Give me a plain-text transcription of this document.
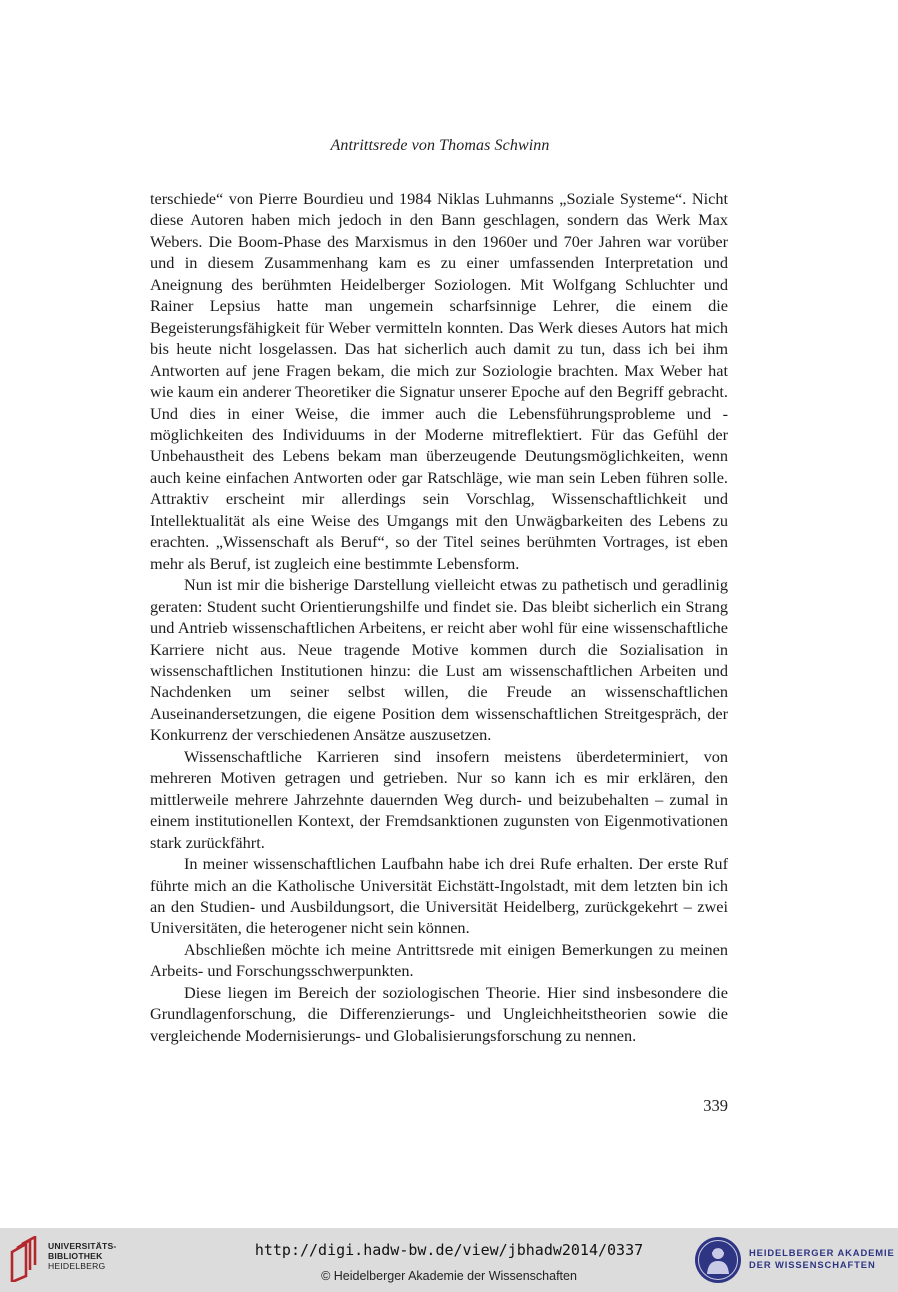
Antrittsrede von Thomas Schwinn

terschiede“ von Pierre Bourdieu und 1984 Niklas Luhmanns „Soziale Systeme“. Nicht diese Autoren haben mich jedoch in den Bann geschlagen, sondern das Werk Max Webers. Die Boom-Phase des Marxismus in den 1960er und 70er Jahren war vorüber und in diesem Zusammenhang kam es zu einer umfassenden Interpretation und Aneignung des berühmten Heidelberger Soziologen. Mit Wolfgang Schluchter und Rainer Lepsius hatte man ungemein scharfsinnige Lehrer, die einem die Begeisterungsfähigkeit für Weber vermitteln konnten. Das Werk dieses Autors hat mich bis heute nicht losgelassen. Das hat sicherlich auch damit zu tun, dass ich bei ihm Antworten auf jene Fragen bekam, die mich zur Soziologie brachten. Max Weber hat wie kaum ein anderer Theoretiker die Signatur unserer Epoche auf den Begriff gebracht. Und dies in einer Weise, die immer auch die Lebensführungsprobleme und -möglichkeiten des Individuums in der Moderne mitreflektiert. Für das Gefühl der Unbehaustheit des Lebens bekam man überzeugende Deutungsmöglichkeiten, wenn auch keine einfachen Antworten oder gar Ratschläge, wie man sein Leben führen solle. Attraktiv erscheint mir allerdings sein Vorschlag, Wissenschaftlichkeit und Intellektualität als eine Weise des Umgangs mit den Unwägbarkeiten des Lebens zu erachten. „Wissenschaft als Beruf“, so der Titel seines berühmten Vortrages, ist eben mehr als Beruf, ist zugleich eine bestimmte Lebensform.

Nun ist mir die bisherige Darstellung vielleicht etwas zu pathetisch und geradlinig geraten: Student sucht Orientierungshilfe und findet sie. Das bleibt sicherlich ein Strang und Antrieb wissenschaftlichen Arbeitens, er reicht aber wohl für eine wissenschaftliche Karriere nicht aus. Neue tragende Motive kommen durch die Sozialisation in wissenschaftlichen Institutionen hinzu: die Lust am wissenschaftlichen Arbeiten und Nachdenken um seiner selbst willen, die Freude an wissenschaftlichen Auseinandersetzungen, die eigene Position dem wissenschaftlichen Streitgespräch, der Konkurrenz der verschiedenen Ansätze auszusetzen.

Wissenschaftliche Karrieren sind insofern meistens überdeterminiert, von mehreren Motiven getragen und getrieben. Nur so kann ich es mir erklären, den mittlerweile mehrere Jahrzehnte dauernden Weg durch- und beizubehalten – zumal in einem institutionellen Kontext, der Fremdsanktionen zugunsten von Eigenmotivationen stark zurückfährt.

In meiner wissenschaftlichen Laufbahn habe ich drei Rufe erhalten. Der erste Ruf führte mich an die Katholische Universität Eichstätt-Ingolstadt, mit dem letzten bin ich an den Studien- und Ausbildungsort, die Universität Heidelberg, zurückgekehrt – zwei Universitäten, die heterogener nicht sein können.

Abschließen möchte ich meine Antrittsrede mit einigen Bemerkungen zu meinen Arbeits- und Forschungsschwerpunkten.

Diese liegen im Bereich der soziologischen Theorie. Hier sind insbesondere die Grundlagenforschung, die Differenzierungs- und Ungleichheitstheorien sowie die vergleichende Modernisierungs- und Globalisierungsforschung zu nennen.

339
UNIVERSITÄTS-
BIBLIOTHEK
HEIDELBERG
http://digi.hadw-bw.de/view/jbhadw2014/0337
© Heidelberger Akademie der Wissenschaften
HEIDELBERGER AKADEMIE
DER WISSENSCHAFTEN
